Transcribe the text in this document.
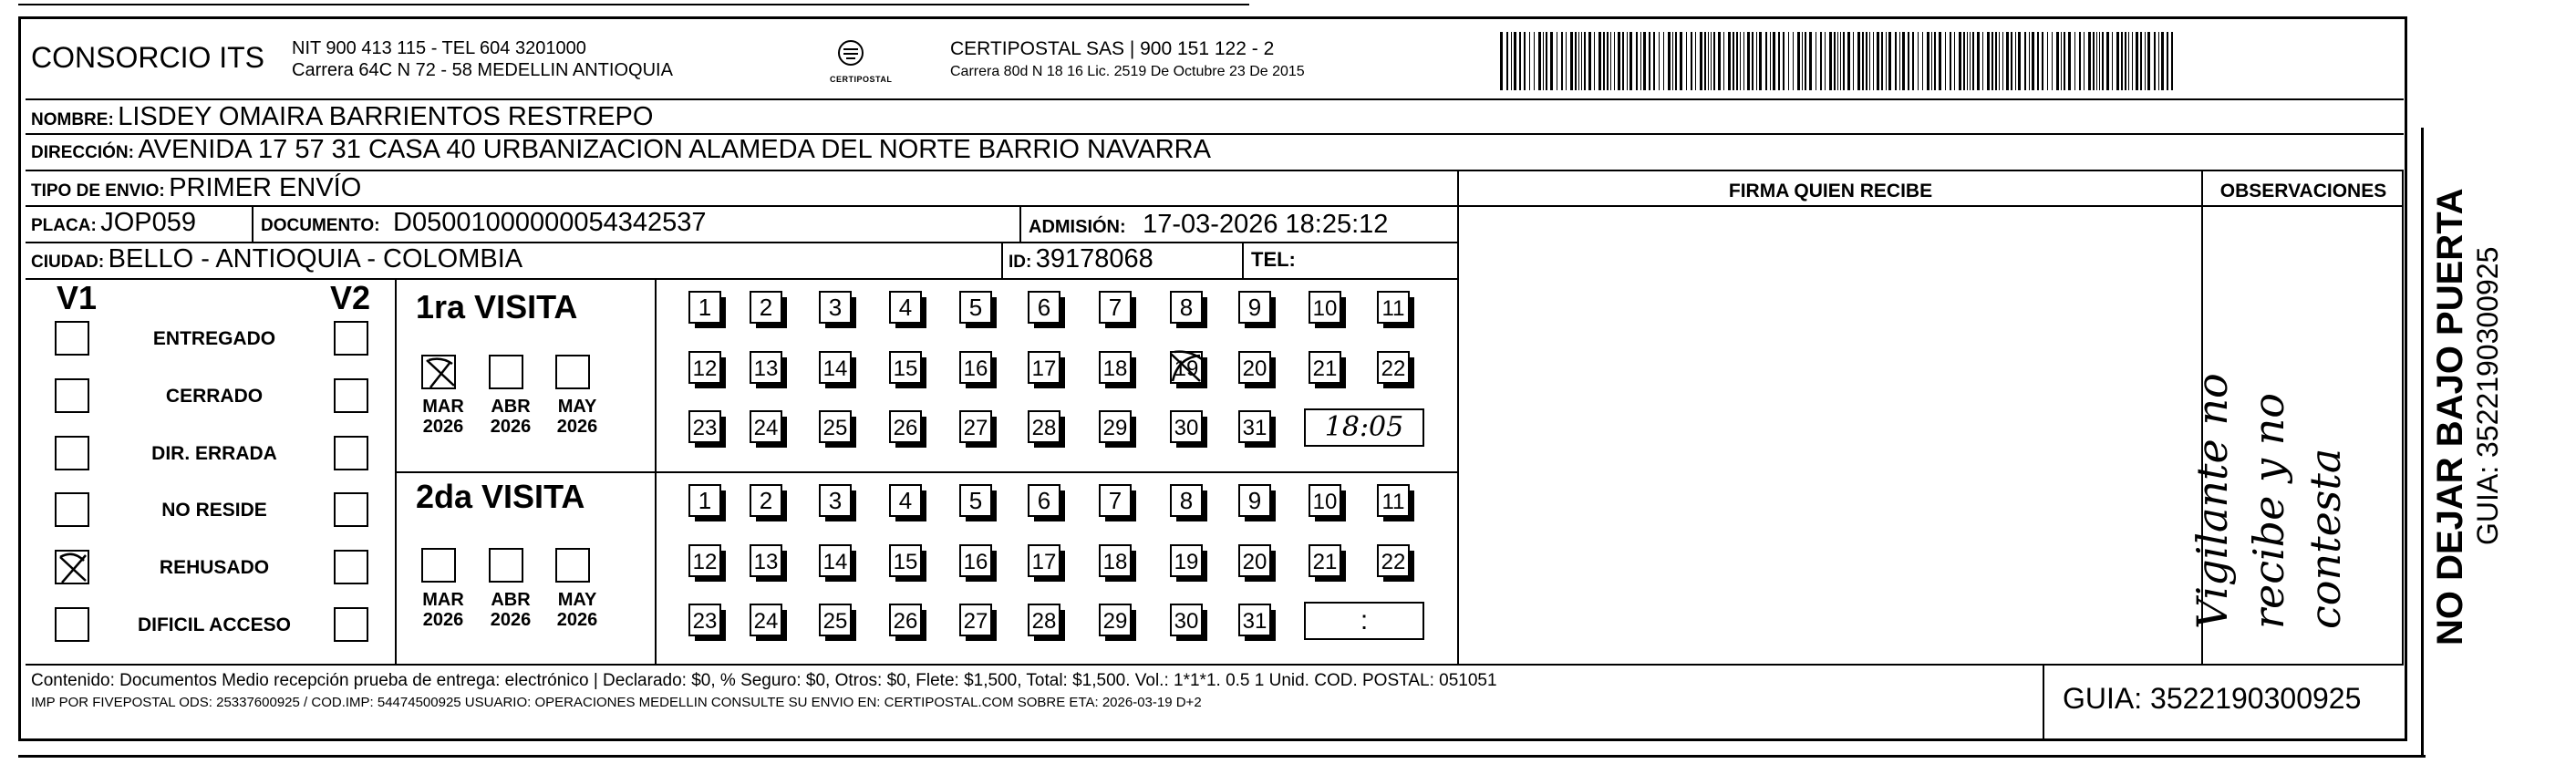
CONSORCIO ITS NIT 900 413 115 - TEL 604 3201000
Carrera 64C N 72 - 58 MEDELLIN ANTIOQUIA	CERTIPOSTAL
CERTIPOSTAL SAS | 900 151 122 - 2
Carrera 80d N 18 16 Lic. 2519 De Octubre 23 De 2015
NOMBRE: LISDEY OMAIRA BARRIENTOS RESTREPO
DIRECCIÓN: AVENIDA 17 57 31 CASA 40 URBANIZACION ALAMEDA DEL NORTE BARRIO NAVARRA
TIPO DE ENVIO: PRIMER ENVÍO	FIRMA QUIEN RECIBE	OBSERVACIONES
PLACA: JOP059	DOCUMENTO: D05001000000054342537	ADMISIÓN: 17-03-2026 18:25:12
CIUDAD: BELLO - ANTIOQUIA - COLOMBIA	ID: 39178068	TEL:
V1	V2
ENTREGADO
CERRADO
DIR. ERRADA
NO RESIDE
REHUSADO
DIFICIL ACCESO
1ra VISITA
2da VISITA
MAR
2026
ABR
2026
MAY
2026
1	2	3	4	5	6	7	8	9	10 11
12 13 14 15 16 17 18 19 20 21 22
23 24 25 26 27 28 29 30 31	18:05
MAR
2026
ABR
2026
MAY
2026
1	2	3	4	5	6	7	8	9	10 11
12 13 14 15 16 17 18 19 20 21 22
23 24 25 26 27 28 29 30 31	:	Vigilante no recibe y no contesta NO DEJAR BAJO PUERTA GUIA: 3522190300925
Contenido: Documentos Medio recepción prueba de entrega: electrónico | Declarado: $0, % Seguro: $0, Otros: $0, Flete: $1,500, Total: $1,500. Vol.: 1*1*1. 0.5 1 Unid. COD. POSTAL: 051051
IMP POR FIVEPOSTAL ODS: 25337600925 / COD.IMP: 54474500925 USUARIO: OPERACIONES MEDELLIN CONSULTE SU ENVIO EN: CERTIPOSTAL.COM SOBRE ETA: 2026-03-19 D+2	GUIA: 3522190300925
